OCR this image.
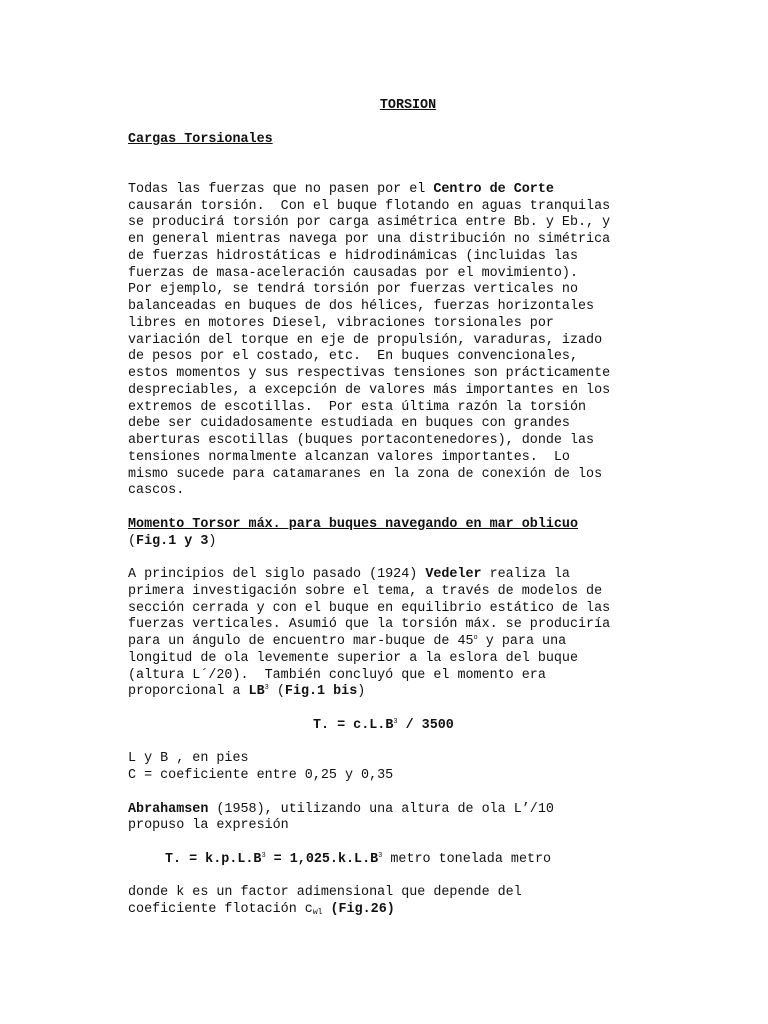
TORSION
Cargas Torsionales
Todas las fuerzas que no pasen por el Centro de Corte
causarán torsión.  Con el buque flotando en aguas tranquilas
se producirá torsión por carga asimétrica entre Bb. y Eb., y
en general mientras navega por una distribución no simétrica
de fuerzas hidrostáticas e hidrodinámicas (incluidas las
fuerzas de masa-aceleración causadas por el movimiento).
Por ejemplo, se tendrá torsión por fuerzas verticales no
balanceadas en buques de dos hélices, fuerzas horizontales
libres en motores Diesel, vibraciones torsionales por
variación del torque en eje de propulsión, varaduras, izado
de pesos por el costado, etc.  En buques convencionales,
estos momentos y sus respectivas tensiones son prácticamente
despreciables, a excepción de valores más importantes en los
extremos de escotillas.  Por esta última razón la torsión
debe ser cuidadosamente estudiada en buques con grandes
aberturas escotillas (buques portacontenedores), donde las
tensiones normalmente alcanzan valores importantes.  Lo
mismo sucede para catamaranes en la zona de conexión de los
cascos.
Momento Torsor máx. para buques navegando en mar oblicuo
(Fig.1 y 3)
A principios del siglo pasado (1924) Vedeler realiza la
primera investigación sobre el tema, a través de modelos de
sección cerrada y con el buque en equilibrio estático de las
fuerzas verticales. Asumió que la torsión máx. se produciría
para un ángulo de encuentro mar-buque de 45$^o$ y para una
longitud de ola levemente superior a la eslora del buque
(altura L´/20).  También concluyó que el momento era
proporcional a $LB^3$ (Fig.1 bis)
T. = $c.L.B^3 / 3500$
L y B , en pies
C = coeficiente entre 0,25 y 0,35
Abrahamsen (1958), utilizando una altura de ola L’/10
propuso la expresión
T. = $k.p.L.B^3 = 1,025.k.L.B^3$ metro tonelada metro
donde k es un factor adimensional que depende del
coeficiente flotación $c_{wl}$ (Fig.26)
